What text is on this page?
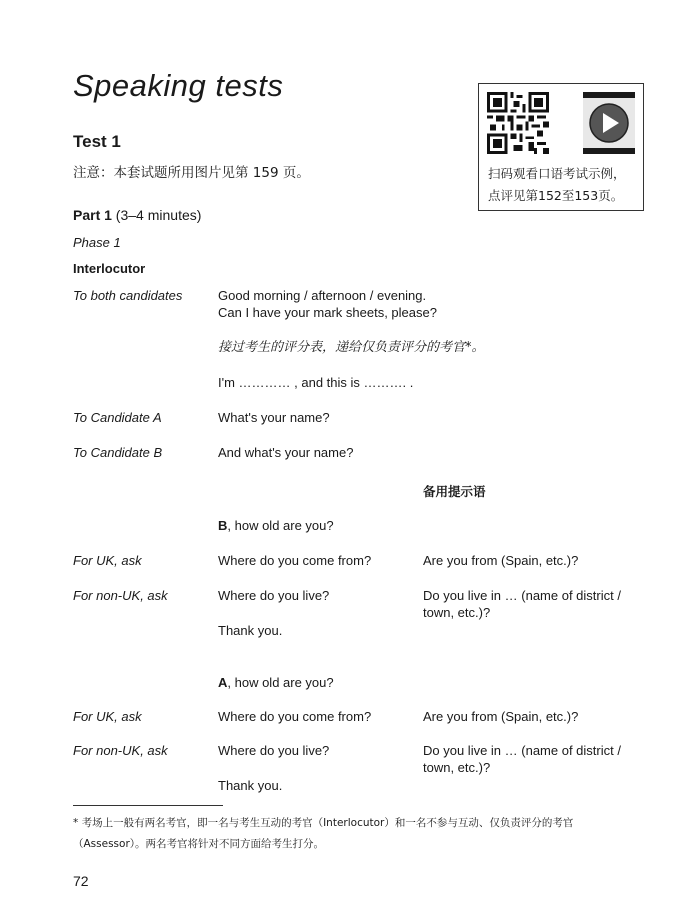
Speaking tests
Test 1
注意：本套试题所用图片见第 159 页。	扫码观看口语考试示例，
点评见第152至153页。
Part 1 (3–4 minutes)
Phase 1
Interlocutor
To both candidates	Good morning / afternoon / evening.
Can I have your mark sheets, please?
接过考生的评分表，递给仅负责评分的考官*。
I'm ………… , and this is ………. .
To Candidate A	What's your name?
To Candidate B	And what's your name?
备用提示语
B, how old are you?
For UK, ask	Where do you come from?	Are you from (Spain, etc.)?
For non-UK, ask	Where do you live?	Do you live in … (name of district /
town, etc.)?
Thank you.
A, how old are you?
For UK, ask	Where do you come from?	Are you from (Spain, etc.)?
For non-UK, ask	Where do you live?	Do you live in … (name of district /
town, etc.)?
Thank you.
* 考场上一般有两名考官，即一名与考生互动的考官（Interlocutor）和一名不参与互动、仅负责评分的考官
（Assessor）。两名考官将针对不同方面给考生打分。
72
